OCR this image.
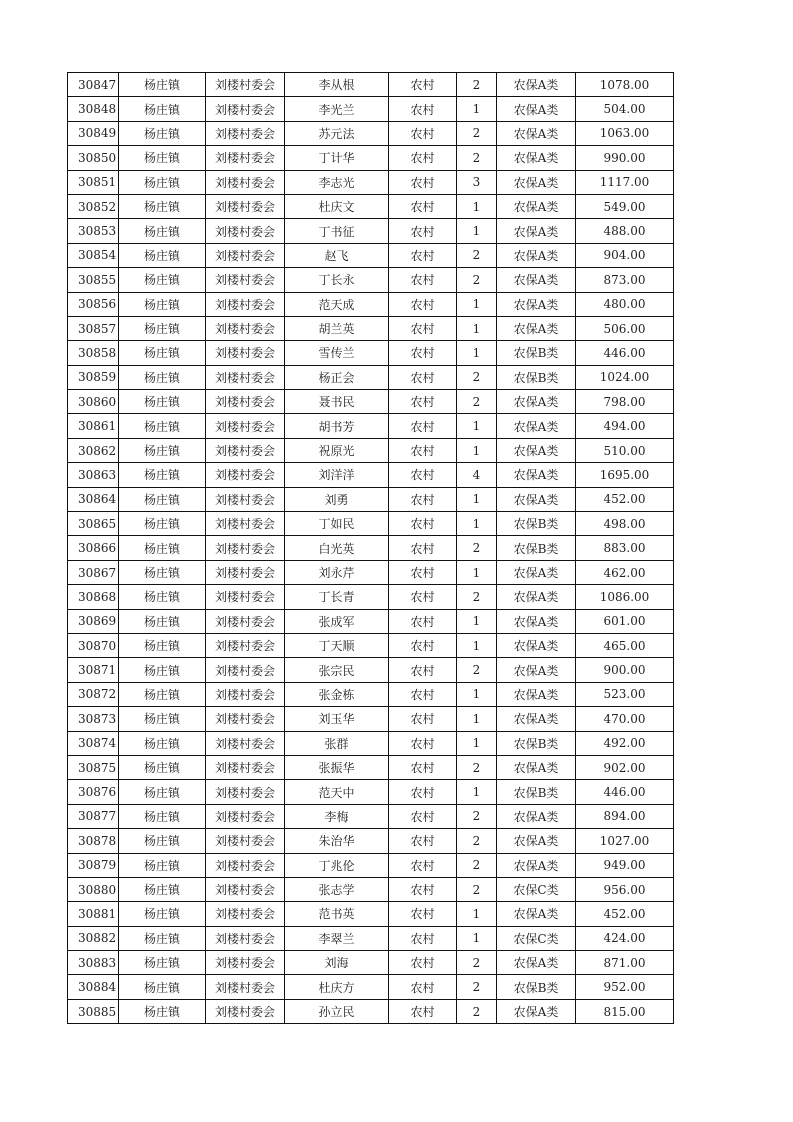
30847	杨庄镇	刘楼村委会	李从根	农村	2	农保A类	1078.00
30848	杨庄镇	刘楼村委会	李光兰	农村	1	农保A类	504.00
30849	杨庄镇	刘楼村委会	苏元法	农村	2	农保A类	1063.00
30850	杨庄镇	刘楼村委会	丁计华	农村	2	农保A类	990.00
30851	杨庄镇	刘楼村委会	李志光	农村	3	农保A类	1117.00
30852	杨庄镇	刘楼村委会	杜庆文	农村	1	农保A类	549.00
30853	杨庄镇	刘楼村委会	丁书征	农村	1	农保A类	488.00
30854	杨庄镇	刘楼村委会	赵飞	农村	2	农保A类	904.00
30855	杨庄镇	刘楼村委会	丁长永	农村	2	农保A类	873.00
30856	杨庄镇	刘楼村委会	范天成	农村	1	农保A类	480.00
30857	杨庄镇	刘楼村委会	胡兰英	农村	1	农保A类	506.00
30858	杨庄镇	刘楼村委会	雪传兰	农村	1	农保B类	446.00
30859	杨庄镇	刘楼村委会	杨正会	农村	2	农保B类	1024.00
30860	杨庄镇	刘楼村委会	聂书民	农村	2	农保A类	798.00
30861	杨庄镇	刘楼村委会	胡书芳	农村	1	农保A类	494.00
30862	杨庄镇	刘楼村委会	祝原光	农村	1	农保A类	510.00
30863	杨庄镇	刘楼村委会	刘洋洋	农村	4	农保A类	1695.00
30864	杨庄镇	刘楼村委会	刘勇	农村	1	农保A类	452.00
30865	杨庄镇	刘楼村委会	丁如民	农村	1	农保B类	498.00
30866	杨庄镇	刘楼村委会	白光英	农村	2	农保B类	883.00
30867	杨庄镇	刘楼村委会	刘永芹	农村	1	农保A类	462.00
30868	杨庄镇	刘楼村委会	丁长青	农村	2	农保A类	1086.00
30869	杨庄镇	刘楼村委会	张成军	农村	1	农保A类	601.00
30870	杨庄镇	刘楼村委会	丁天顺	农村	1	农保A类	465.00
30871	杨庄镇	刘楼村委会	张宗民	农村	2	农保A类	900.00
30872	杨庄镇	刘楼村委会	张金栋	农村	1	农保A类	523.00
30873	杨庄镇	刘楼村委会	刘玉华	农村	1	农保A类	470.00
30874	杨庄镇	刘楼村委会	张群	农村	1	农保B类	492.00
30875	杨庄镇	刘楼村委会	张振华	农村	2	农保A类	902.00
30876	杨庄镇	刘楼村委会	范天中	农村	1	农保B类	446.00
30877	杨庄镇	刘楼村委会	李梅	农村	2	农保A类	894.00
30878	杨庄镇	刘楼村委会	朱治华	农村	2	农保A类	1027.00
30879	杨庄镇	刘楼村委会	丁兆伦	农村	2	农保A类	949.00
30880	杨庄镇	刘楼村委会	张志学	农村	2	农保C类	956.00
30881	杨庄镇	刘楼村委会	范书英	农村	1	农保A类	452.00
30882	杨庄镇	刘楼村委会	李翠兰	农村	1	农保C类	424.00
30883	杨庄镇	刘楼村委会	刘海	农村	2	农保A类	871.00
30884	杨庄镇	刘楼村委会	杜庆方	农村	2	农保B类	952.00
30885	杨庄镇	刘楼村委会	孙立民	农村	2	农保A类	815.00
